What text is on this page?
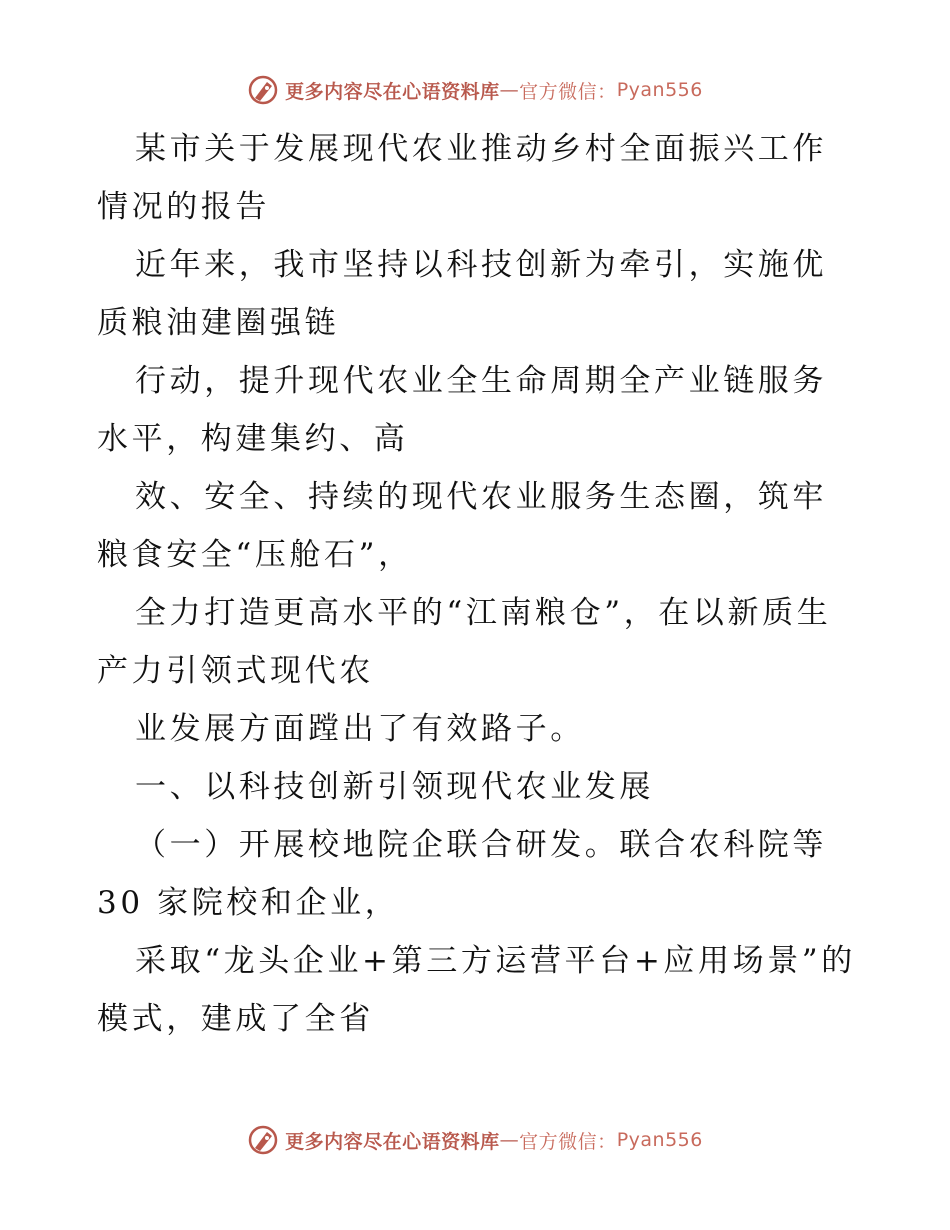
更多内容尽在心语资料库 — 官方微信： Pyan556

某市关于发展现代农业推动乡村全面振兴工作情况的报告

近年来，我市坚持以科技创新为牵引，实施优质粮油建圈强链

行动，提升现代农业全生命周期全产业链服务水平，构建集约、高

效、安全、持续的现代农业服务生态圈，筑牢粮食安全“压舱石”，

全力打造更高水平的“江南粮仓”，在以新质生产力引领式现代农

业发展方面蹚出了有效路子。

一、以科技创新引领现代农业发展

（一）开展校地院企联合研发。联合农科院等 30 家院校和企业，

采取“龙头企业+第三方运营平台+应用场景”的模式，建成了全省

更多内容尽在心语资料库 — 官方微信： Pyan556
